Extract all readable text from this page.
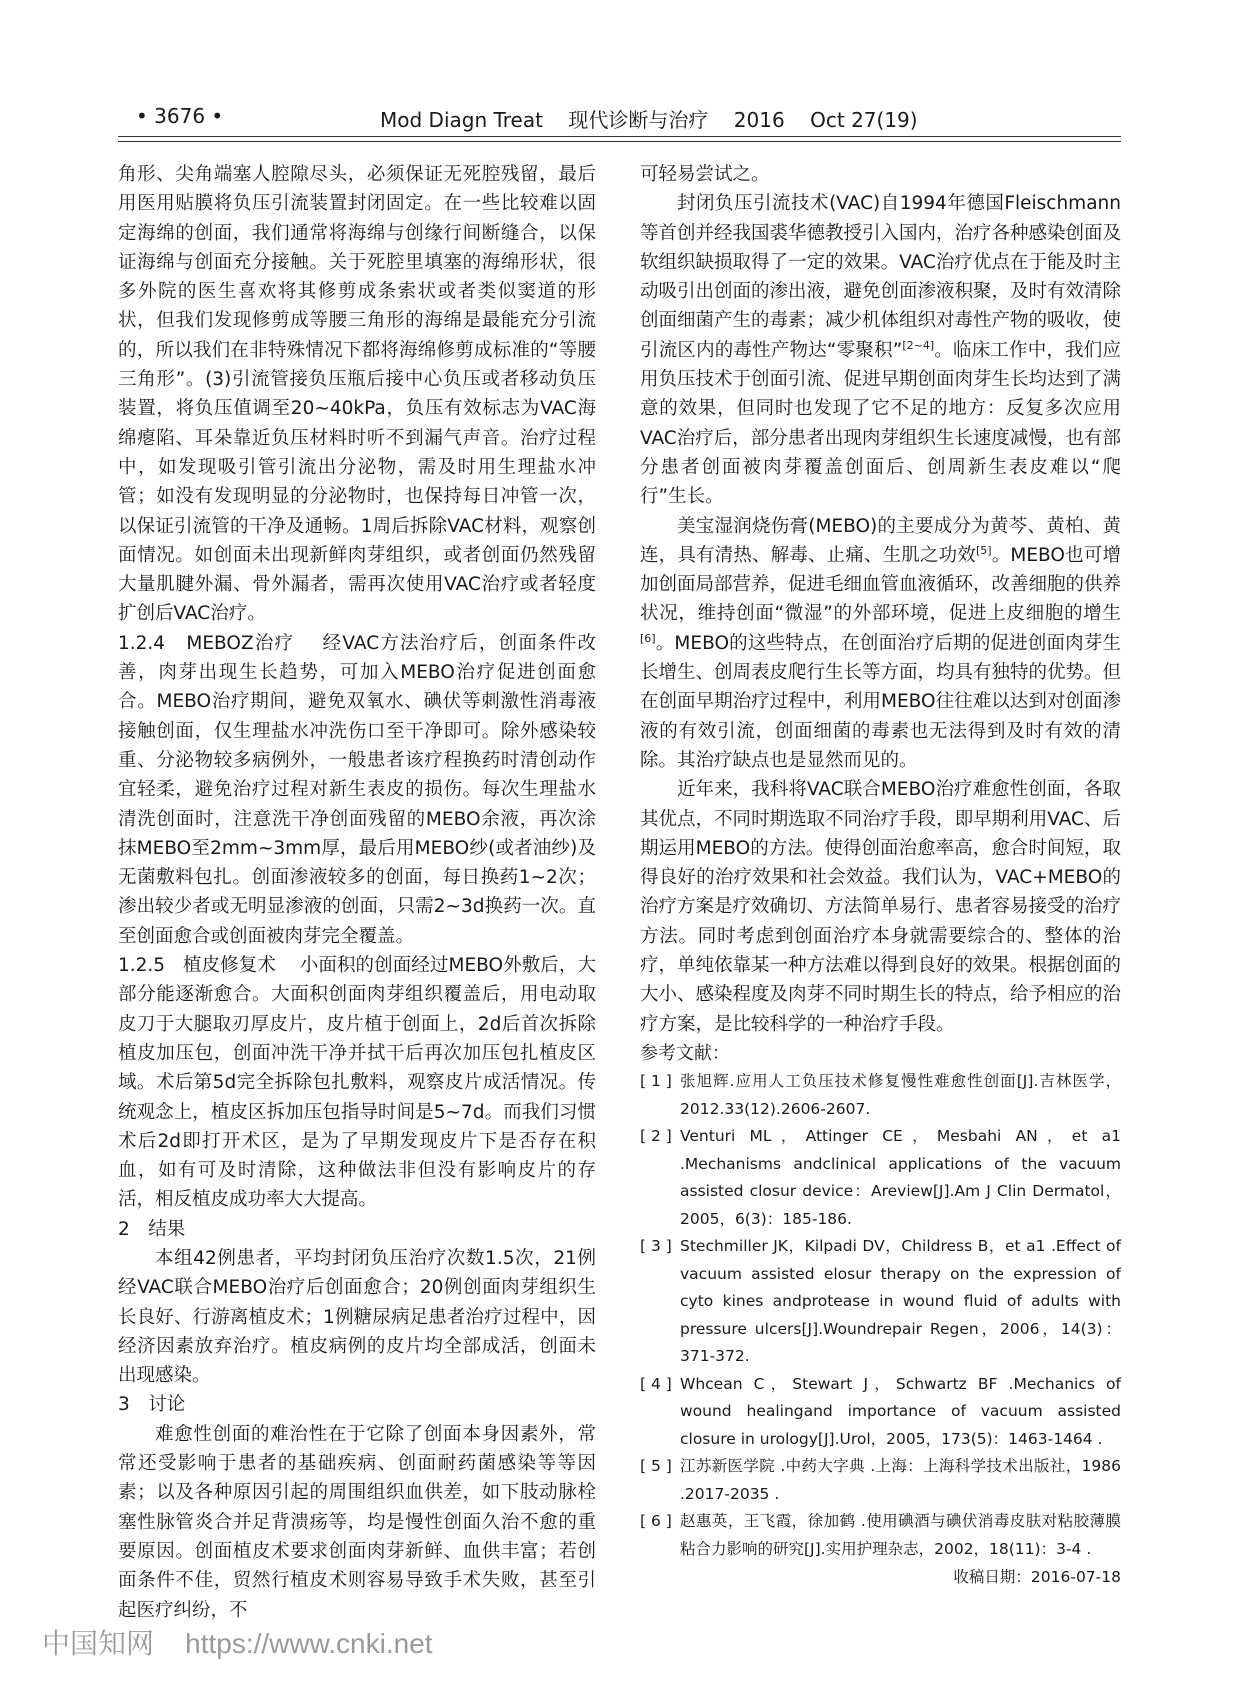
• 3676 •	Mod Diagn Treat    现代诊断与治疗    2016    Oct 27(19)

角形、尖角端塞人腔隙尽头，必须保证无死腔残留，最后用医用贴膜将负压引流装置封闭固定。在一些比较难以固定海绵的创面，我们通常将海绵与创缘行间断缝合，以保证海绵与创面充分接触。关于死腔里填塞的海绵形状，很多外院的医生喜欢将其修剪成条索状或者类似窦道的形状，但我们发现修剪成等腰三角形的海绵是最能充分引流的，所以我们在非特殊情况下都将海绵修剪成标准的“等腰三角形”。(3)引流管接负压瓶后接中心负压或者移动负压装置，将负压值调至20~40kPa，负压有效标志为VAC海绵瘪陷、耳朵靠近负压材料时听不到漏气声音。治疗过程中，如发现吸引管引流出分泌物，需及时用生理盐水冲管；如没有发现明显的分泌物时，也保持每日冲管一次，以保证引流管的干净及通畅。1周后拆除VAC材料，观察创面情况。如创面未出现新鲜肉芽组织，或者创面仍然残留大量肌腱外漏、骨外漏者，需再次使用VAC治疗或者轻度扩创后VAC治疗。

1.2.4 MEBOZ治疗 经VAC方法治疗后，创面条件改善，肉芽出现生长趋势，可加入MEBO治疗促进创面愈合。MEBO治疗期间，避免双氧水、碘伏等刺激性消毒液接触创面，仅生理盐水冲洗伤口至干净即可。除外感染较重、分泌物较多病例外，一般患者该疗程换药时清创动作宜轻柔，避免治疗过程对新生表皮的损伤。每次生理盐水清洗创面时，注意洗干净创面残留的MEBO余液，再次涂抹MEBO至2mm~3mm厚，最后用MEBO纱(或者油纱)及无菌敷料包扎。创面渗液较多的创面，每日换药1~2次；渗出较少者或无明显渗液的创面，只需2~3d换药一次。直至创面愈合或创面被肉芽完全覆盖。

1.2.5 植皮修复术 小面积的创面经过MEBO外敷后，大部分能逐渐愈合。大面积创面肉芽组织覆盖后，用电动取皮刀于大腿取刃厚皮片，皮片植于创面上，2d后首次拆除植皮加压包，创面冲洗干净并拭干后再次加压包扎植皮区域。术后第5d完全拆除包扎敷料，观察皮片成活情况。传统观念上，植皮区拆加压包指导时间是5~7d。而我们习惯术后2d即打开术区，是为了早期发现皮片下是否存在积血，如有可及时清除，这种做法非但没有影响皮片的存活，相反植皮成功率大大提高。

2　结果

本组42例患者，平均封闭负压治疗次数1.5次，21例经VAC联合MEBO治疗后创面愈合；20例创面肉芽组织生长良好、行游离植皮术；1例糖尿病足患者治疗过程中，因经济因素放弃治疗。植皮病例的皮片均全部成活，创面未出现感染。

3　讨论

难愈性创面的难治性在于它除了创面本身因素外，常常还受影响于患者的基础疾病、创面耐药菌感染等等因素；以及各种原因引起的周围组织血供差，如下肢动脉栓塞性脉管炎合并足背溃疡等，均是慢性创面久治不愈的重要原因。创面植皮术要求创面肉芽新鲜、血供丰富；若创面条件不佳，贸然行植皮术则容易导致手术失败，甚至引起医疗纠纷，不

可轻易尝试之。

封闭负压引流技术(VAC)自1994年德国Fleischmann等首创并经我国裘华德教授引入国内，治疗各种感染创面及软组织缺损取得了一定的效果。VAC治疗优点在于能及时主动吸引出创面的渗出液，避免创面渗液积聚，及时有效清除创面细菌产生的毒素；减少机体组织对毒性产物的吸收，使引流区内的毒性产物达“零聚积”[2~4]。临床工作中，我们应用负压技术于创面引流、促进早期创面肉芽生长均达到了满意的效果，但同时也发现了它不足的地方：反复多次应用VAC治疗后，部分患者出现肉芽组织生长速度减慢，也有部分患者创面被肉芽覆盖创面后、创周新生表皮难以“爬行”生长。

美宝湿润烧伤膏(MEBO)的主要成分为黄芩、黄柏、黄连，具有清热、解毒、止痛、生肌之功效[5]。MEBO也可增加创面局部营养，促进毛细血管血液循环，改善细胞的供养状况，维持创面“微湿”的外部环境，促进上皮细胞的增生[6]。MEBO的这些特点，在创面治疗后期的促进创面肉芽生长增生、创周表皮爬行生长等方面，均具有独特的优势。但在创面早期治疗过程中，利用MEBO往往难以达到对创面渗液的有效引流，创面细菌的毒素也无法得到及时有效的清除。其治疗缺点也是显然而见的。

近年来，我科将VAC联合MEBO治疗难愈性创面，各取其优点，不同时期选取不同治疗手段，即早期利用VAC、后期运用MEBO的方法。使得创面治愈率高，愈合时间短，取得良好的治疗效果和社会效益。我们认为，VAC+MEBO的治疗方案是疗效确切、方法简单易行、患者容易接受的治疗方法。同时考虑到创面治疗本身就需要综合的、整体的治疗，单纯依靠某一种方法难以得到良好的效果。根据创面的大小、感染程度及肉芽不同时期生长的特点，给予相应的治疗方案，是比较科学的一种治疗手段。

参考文献：

[ 1 ] 张旭辉.应用人工负压技术修复慢性难愈性创面[J].吉林医学，2012.33(12).2606-2607.

[ 2 ] Venturi ML，Attinger CE，Mesbahi AN，et a1 .Mechanisms andclinical applications of the vacuum assisted closur device：Areview[J].Am J Clin Dermatol，2005，6(3)：185-186.

[ 3 ] Stechmiller JK，Kilpadi DV，Childress B，et a1 .Effect of vacuum assisted elosur therapy on the expression of cyto kines andprotease in wound fluid of adults with pressure ulcers[J].Woundrepair Regen，2006，14(3)：371-372.

[ 4 ] Whcean C，Stewart J，Schwartz BF .Mechanics of wound healingand importance of vacuum assisted closure in urology[J].Urol，2005，173(5)：1463-1464 .

[ 5 ] 江苏新医学院 .中药大字典 .上海：上海科学技术出版社，1986 .2017-2035 .

[ 6 ] 赵惠英，王飞霞，徐加鹤 .使用碘酒与碘伏消毒皮肤对粘胶薄膜粘合力影响的研究[J].实用护理杂志，2002，18(11)：3-4 .

收稿日期：2016-07-18

中国知网    https://www.cnki.net
